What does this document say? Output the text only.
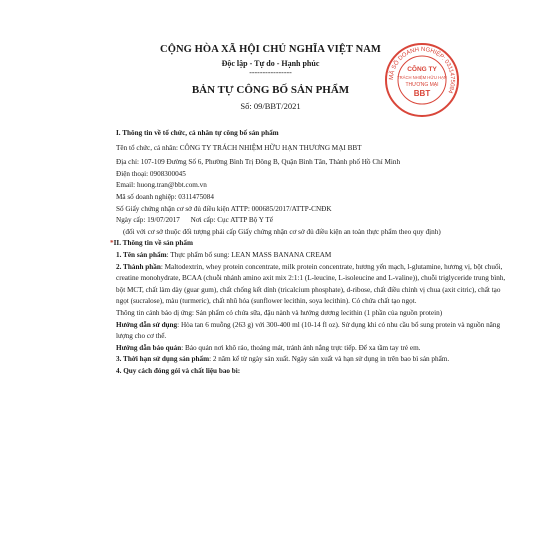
CỘNG HÒA XÃ HỘI CHỦ NGHĨA VIỆT NAM
Độc lập - Tự do - Hạnh phúc
----------------
BẢN TỰ CÔNG BỐ SẢN PHẨM
Số: 09/BBT/2021
MÃ SỐ DOANH NGHIỆP: 0311475084
CÔNG TY
TRÁCH NHIỆM HỮU HẠN
THƯƠNG MẠI
BBT

I. Thông tin về tổ chức, cá nhân tự công bố sản phẩm

Tên tổ chức, cá nhân: CÔNG TY TRÁCH NHIỆM HỮU HẠN THƯƠNG MẠI BBT

Địa chỉ: 107-109 Đường Số 6, Phường Bình Trị Đông B, Quận Bình Tân, Thành phố Hồ Chí Minh

Điện thoại: 0908300045

Email: huong.tran@bbt.com.vn

Mã số doanh nghiệp: 0311475084

Số Giấy chứng nhận cơ sở đủ điều kiện ATTP: 000685/2017/ATTP-CNĐK

Ngày cấp: 19/07/2017      Nơi cấp: Cục ATTP Bộ Y Tế

(đối với cơ sở thuộc đối tượng phải cấp Giấy chứng nhận cơ sở đủ điều kiện an toàn thực phẩm theo quy định)

*II. Thông tin về sản phẩm

1. Tên sản phẩm: Thực phẩm bổ sung: LEAN MASS BANANA CREAM

2. Thành phần: Maltodextrin, whey protein concentrate, milk protein concentrate, hương yến mạch, l-glutamine, hương vị, bột chuối, creatine monohydrate, BCAA (chuỗi nhánh amino axit mix 2:1:1 (L-leucine, L-isoleucine and L-valine)), chuỗi triglyceride trung bình, bột MCT, chất làm dày (guar gum), chất chống kết dính (tricalcium phosphate), d-ribose, chất điều chỉnh vị chua (axit citric), chất tạo ngọt (sucralose), màu (turmeric), chất nhũ hóa (sunflower lecithin, soya lecithin). Có chứa chất tạo ngọt.

Thông tin cảnh báo dị ứng: Sản phẩm có chứa sữa, đậu nành và hướng dương lecithin (1 phần của nguồn protein)

Hướng dẫn sử dụng: Hòa tan 6 muỗng (263 g) với 300-400 ml (10-14 fl oz). Sử dụng khi có nhu cầu bổ sung protein và nguồn năng lượng cho cơ thể.

Hướng dẫn bảo quản: Bảo quản nơi khô ráo, thoáng mát, tránh ánh nắng trực tiếp. Để xa tầm tay trẻ em.

3. Thời hạn sử dụng sản phẩm: 2 năm kể từ ngày sản xuất. Ngày sản xuất và hạn sử dụng in trên bao bì sản phẩm.

4. Quy cách đóng gói và chất liệu bao bì:
